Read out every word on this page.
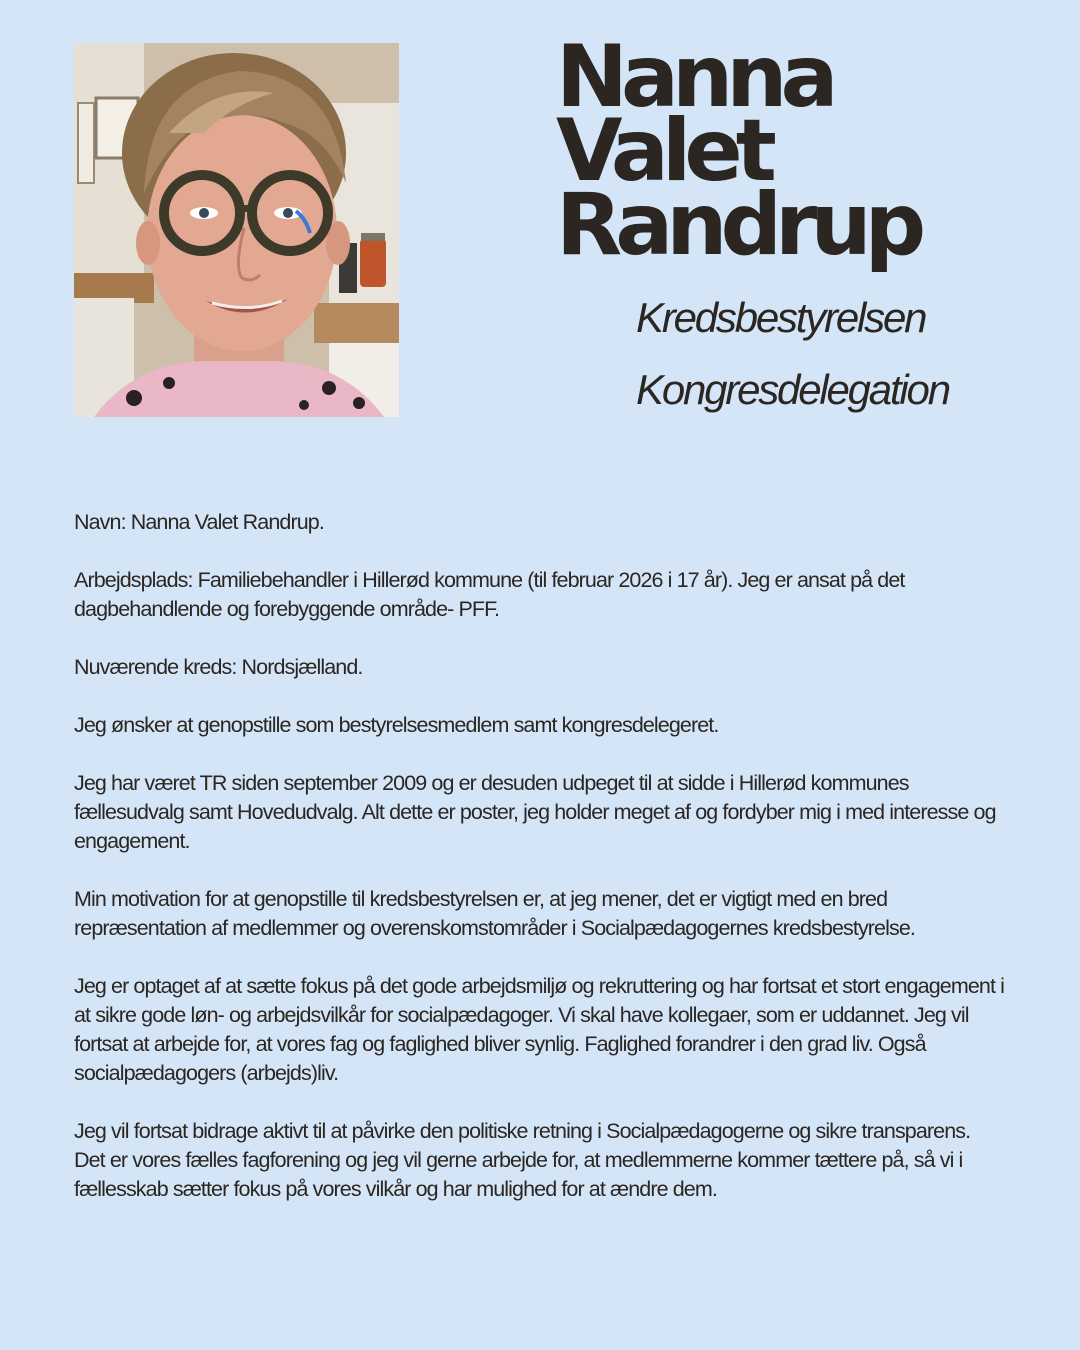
Nanna
Valet
Randrup
Kredsbestyrelsen
Kongresdelegation

Navn: Nanna Valet Randrup.

Arbejdsplads: Familiebehandler i Hillerød kommune (til februar 2026 i 17 år). Jeg er ansat på det dagbehandlende og forebyggende område- PFF.

Nuværende kreds: Nordsjælland.

Jeg ønsker at genopstille som bestyrelsesmedlem samt kongresdelegeret.

Jeg har været TR siden september 2009 og er desuden udpeget til at sidde i Hillerød kommunes fællesudvalg samt Hovedudvalg. Alt dette er poster, jeg holder meget af og fordyber mig i med interesse og engagement.

Min motivation for at genopstille til kredsbestyrelsen er, at jeg mener, det er vigtigt med en bred repræsentation af medlemmer og overenskomstområder i Socialpædagogernes kredsbestyrelse.

Jeg er optaget af at sætte fokus på det gode arbejdsmiljø og rekruttering og har fortsat et stort engagement i at sikre gode løn- og arbejdsvilkår for socialpædagoger. Vi skal have kollegaer, som er uddannet. Jeg vil fortsat at arbejde for, at vores fag og faglighed bliver synlig. Faglighed forandrer i den grad liv. Også socialpædagogers (arbejds)liv.

Jeg vil fortsat bidrage aktivt til at påvirke den politiske retning i Socialpædagogerne og sikre transparens. Det er vores fælles fagforening og jeg vil gerne arbejde for, at medlemmerne kommer tættere på, så vi i fællesskab sætter fokus på vores vilkår og har mulighed for at ændre dem.
